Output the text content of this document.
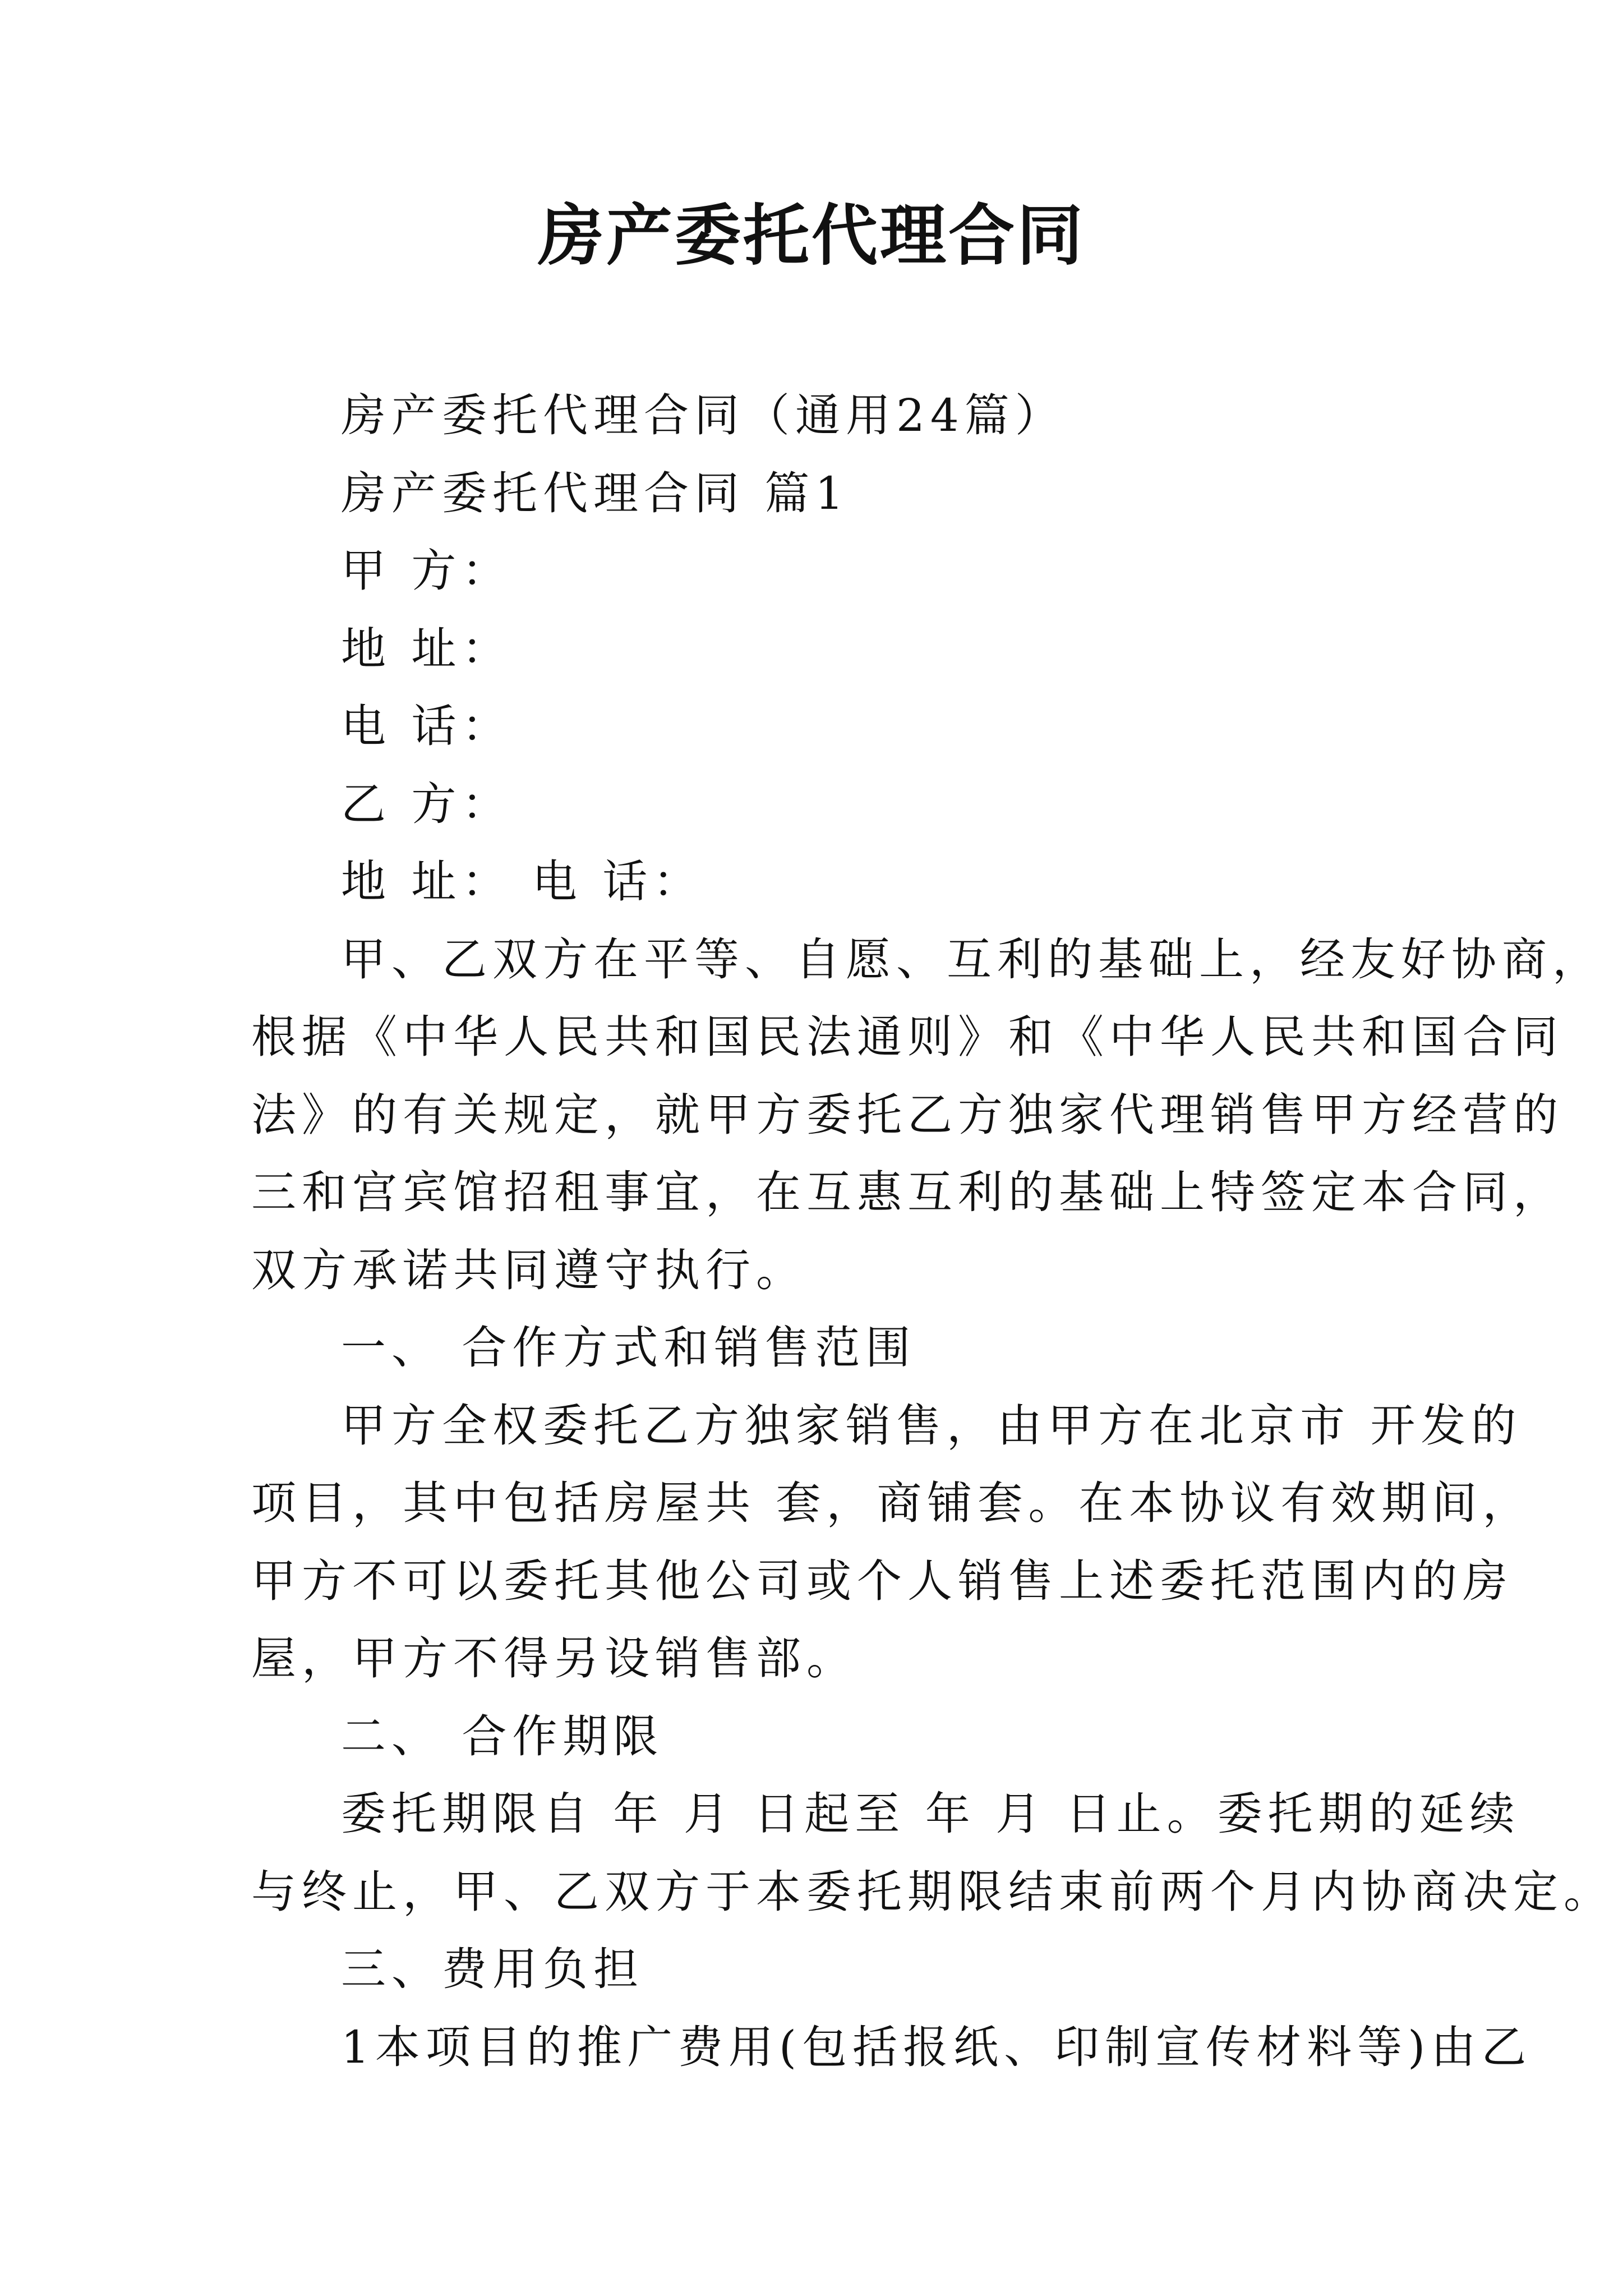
房产委托代理合同
房产委托代理合同（通用24篇）
房产委托代理合同 篇1
甲 方：
地 址：
电 话：
乙 方：
地 址： 电 话：
甲、乙双方在平等、自愿、互利的基础上，经友好协商，
根据《中华人民共和国民法通则》和《中华人民共和国合同
法》的有关规定，就甲方委托乙方独家代理销售甲方经营的
三和宫宾馆招租事宜，在互惠互利的基础上特签定本合同，
双方承诺共同遵守执行。
一、 合作方式和销售范围
甲方全权委托乙方独家销售，由甲方在北京市 开发的
项目，其中包括房屋共 套，商铺套。在本协议有效期间，
甲方不可以委托其他公司或个人销售上述委托范围内的房
屋，甲方不得另设销售部。
二、 合作期限
委托期限自 年 月 日起至 年 月 日止。委托期的延续
与终止，甲、乙双方于本委托期限结束前两个月内协商决定。
三、费用负担
1本项目的推广费用(包括报纸、印制宣传材料等)由乙
